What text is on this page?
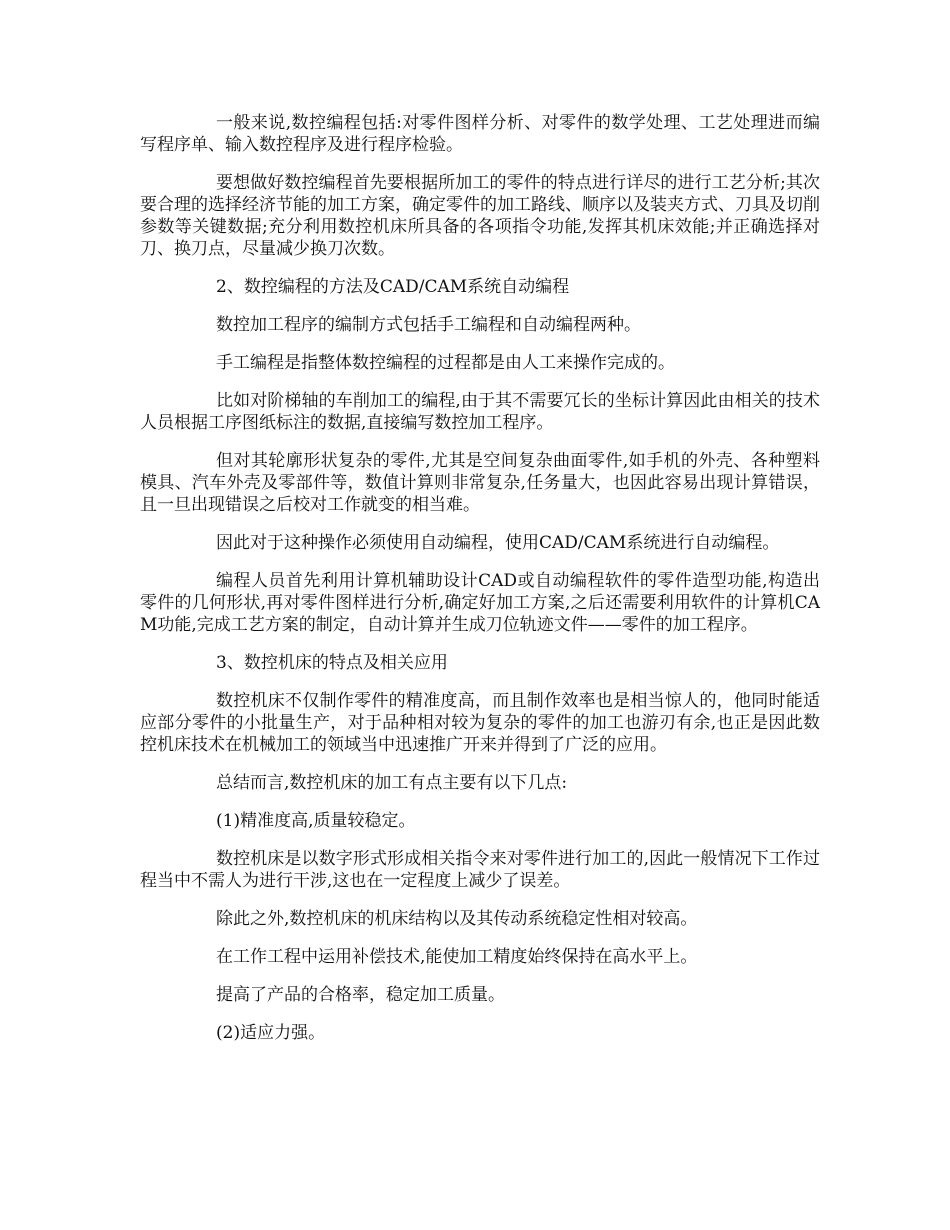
一般来说,数控编程包括:对零件图样分析、对零件的数学处理、工艺处理进而编写程序单、输入数控程序及进行程序检验。

要想做好数控编程首先要根据所加工的零件的特点进行详尽的进行工艺分析;其次要合理的选择经济节能的加工方案，确定零件的加工路线、顺序以及装夹方式、刀具及切削参数等关键数据;充分利用数控机床所具备的各项指令功能,发挥其机床效能;并正确选择对刀、换刀点，尽量减少换刀次数。

2、数控编程的方法及CAD/CAM系统自动编程

数控加工程序的编制方式包括手工编程和自动编程两种。

手工编程是指整体数控编程的过程都是由人工来操作完成的。

比如对阶梯轴的车削加工的编程,由于其不需要冗长的坐标计算因此由相关的技术人员根据工序图纸标注的数据,直接编写数控加工程序。

但对其轮廓形状复杂的零件,尤其是空间复杂曲面零件,如手机的外壳、各种塑料模具、汽车外壳及零部件等，数值计算则非常复杂,任务量大，也因此容易出现计算错误，且一旦出现错误之后校对工作就变的相当难。

因此对于这种操作必须使用自动编程，使用CAD/CAM系统进行自动编程。

编程人员首先利用计算机辅助设计CAD或自动编程软件的零件造型功能,构造出零件的几何形状,再对零件图样进行分析,确定好加工方案,之后还需要利用软件的计算机CAM功能,完成工艺方案的制定，自动计算并生成刀位轨迹文件——零件的加工程序。

3、数控机床的特点及相关应用

数控机床不仅制作零件的精准度高，而且制作效率也是相当惊人的，他同时能适应部分零件的小批量生产，对于品种相对较为复杂的零件的加工也游刃有余,也正是因此数控机床技术在机械加工的领域当中迅速推广开来并得到了广泛的应用。

总结而言,数控机床的加工有点主要有以下几点:

(1)精准度高,质量较稳定。

数控机床是以数字形式形成相关指令来对零件进行加工的,因此一般情况下工作过程当中不需人为进行干涉,这也在一定程度上减少了误差。

除此之外,数控机床的机床结构以及其传动系统稳定性相对较高。

在工作工程中运用补偿技术,能使加工精度始终保持在高水平上。

提高了产品的合格率，稳定加工质量。

(2)适应力强。
